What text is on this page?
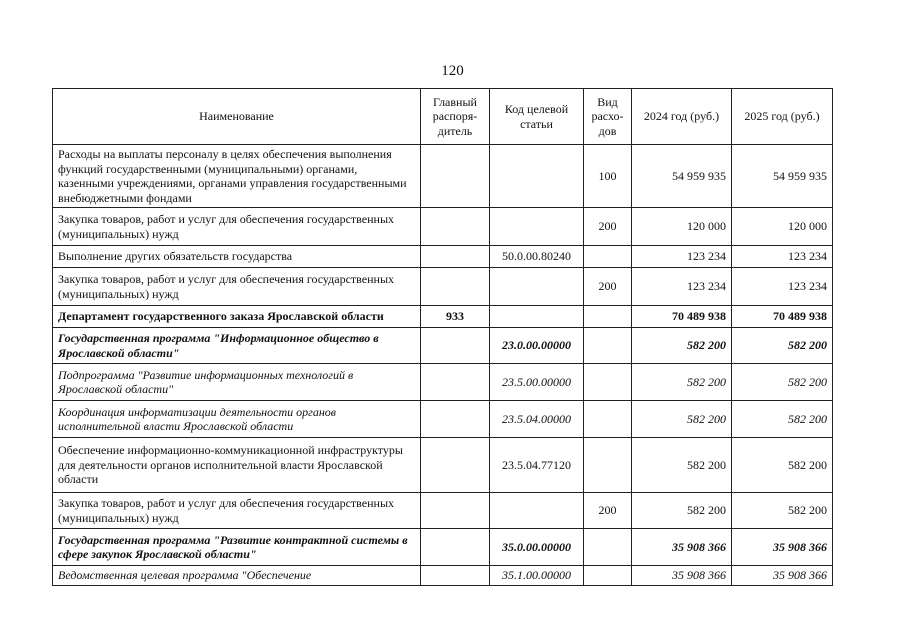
120
Наименование	Главный распоря-дитель	Код целевой статьи	Вид расхо-дов	2024 год (руб.)	2025 год (руб.)
Расходы на выплаты персоналу в целях обеспечения выполнения функций государственными (муниципальными) органами, казенными учреждениями, органами управления государственными внебюджетными фондами			100	54 959 935	54 959 935
Закупка товаров, работ и услуг для обеспечения государственных (муниципальных) нужд			200	120 000	120 000
Выполнение других обязательств государства		50.0.00.80240		123 234	123 234
Закупка товаров, работ и услуг для обеспечения государственных (муниципальных) нужд			200	123 234	123 234
Департамент государственного заказа Ярославской области	933			70 489 938	70 489 938
Государственная программа "Информационное общество в Ярославской области"		23.0.00.00000		582 200	582 200
Подпрограмма "Развитие информационных технологий в Ярославской области"		23.5.00.00000		582 200	582 200
Координация информатизации деятельности органов исполнительной власти Ярославской области		23.5.04.00000		582 200	582 200
Обеспечение информационно-коммуникационной инфраструктуры для деятельности органов исполнительной власти Ярославской области		23.5.04.77120		582 200	582 200
Закупка товаров, работ и услуг для обеспечения государственных (муниципальных) нужд			200	582 200	582 200
Государственная программа "Развитие контрактной системы в сфере закупок Ярославской области"		35.0.00.00000		35 908 366	35 908 366
Ведомственная целевая программа "Обеспечение		35.1.00.00000		35 908 366	35 908 366
